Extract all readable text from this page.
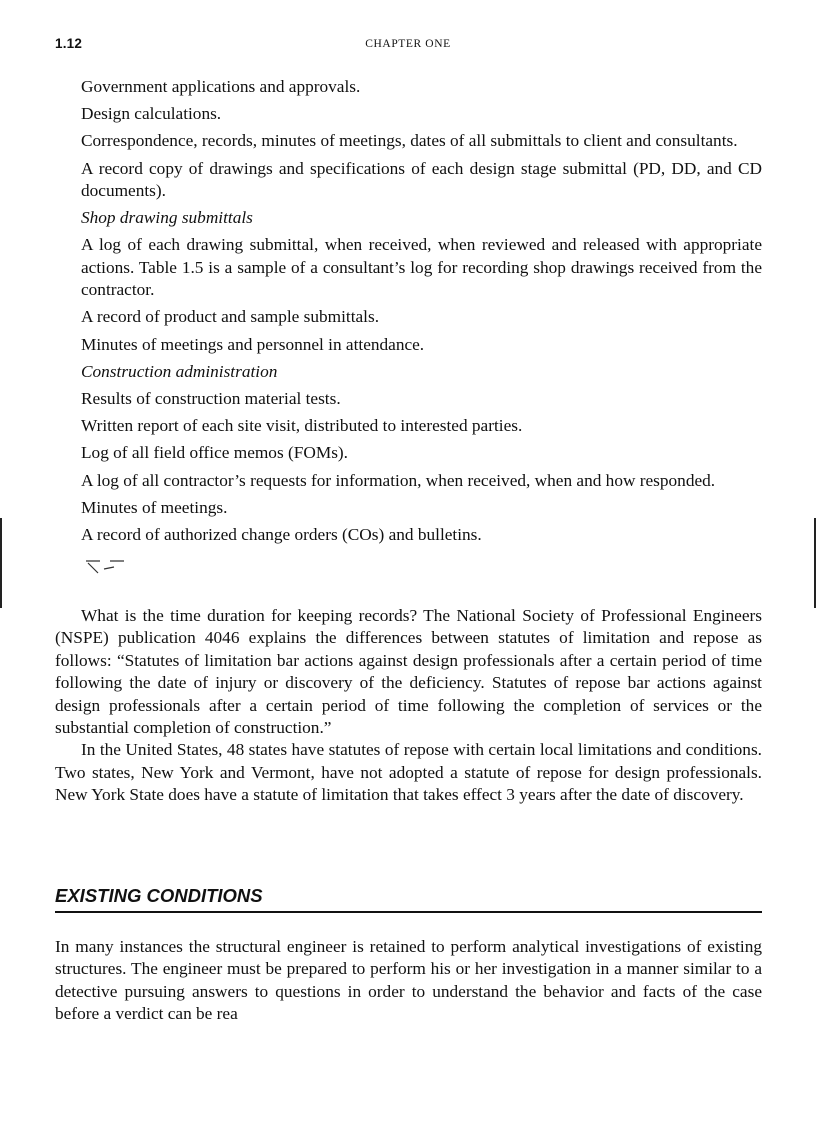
1.12	CHAPTER ONE

Government applications and approvals.

Design calculations.

Correspondence, records, minutes of meetings, dates of all submittals to client and consultants.

A record copy of drawings and specifications of each design stage submittal (PD, DD, and CD documents).

Shop drawing submittals

A log of each drawing submittal, when received, when reviewed and released with appropriate actions. Table 1.5 is a sample of a consultant’s log for recording shop drawings received from the contractor.

A record of product and sample submittals.

Minutes of meetings and personnel in attendance.

Construction administration

Results of construction material tests.

Written report of each site visit, distributed to interested parties.

Log of all field office memos (FOMs).

A log of all contractor’s requests for information, when received, when and how responded.

Minutes of meetings.

A record of authorized change orders (COs) and bulletins.

What is the time duration for keeping records? The National Society of Professional Engineers (NSPE) publication 4046 explains the differences between statutes of limitation and repose as follows: “Statutes of limitation bar actions against design professionals after a certain period of time following the date of injury or discovery of the deficiency. Statutes of repose bar actions against design professionals after a certain period of time following the completion of services or the substantial completion of construction.”

In the United States, 48 states have statutes of repose with certain local limitations and conditions. Two states, New York and Vermont, have not adopted a statute of repose for design professionals. New York State does have a statute of limitation that takes effect 3 years after the date of discovery.

EXISTING CONDITIONS

In many instances the structural engineer is retained to perform analytical investigations of existing structures. The engineer must be prepared to perform his or her investigation in a manner similar to a detective pursuing answers to questions in order to understand the behavior and facts of the case before a verdict can be rea
